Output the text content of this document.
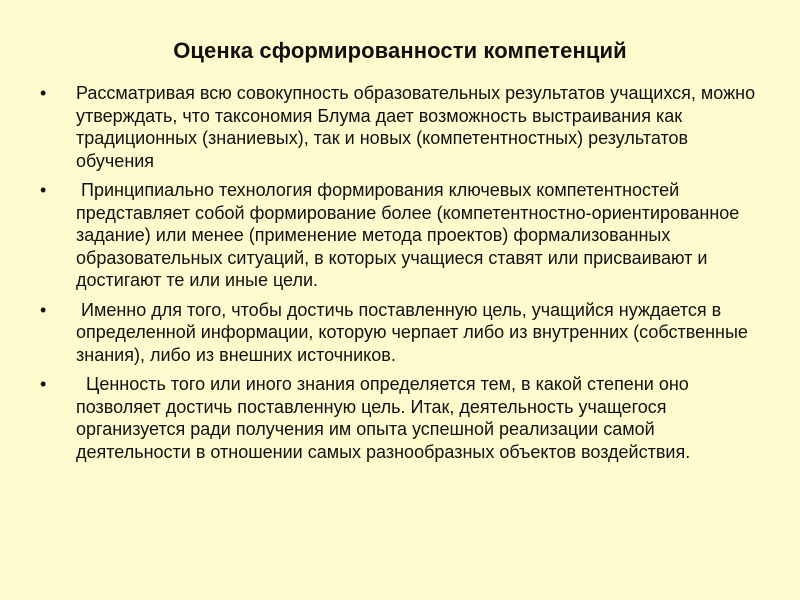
Оценка сформированности компетенций
• Рассматривая всю совокупность образовательных результатов учащихся, можно утверждать, что таксономия Блума дает возможность выстраивания как традиционных (знаниевых), так и новых (компетентностных) результатов обучения
• Принципиально технология формирования ключевых компетентностей представляет собой формирование более (компетентностно-ориентированное задание) или менее (применение метода проектов) формализованных образовательных ситуаций, в которых учащиеся ставят или присваивают и достигают те или иные цели.
• Именно для того, чтобы достичь поставленную цель, учащийся нуждается в определенной информации, которую черпает либо из внутренних (собственные знания), либо из внешних источников.
• Ценность того или иного знания определяется тем, в какой степени оно позволяет достичь поставленную цель. Итак, деятельность учащегося организуется ради получения им опыта успешной реализации самой деятельности в отношении самых разнообразных объектов воздействия.
